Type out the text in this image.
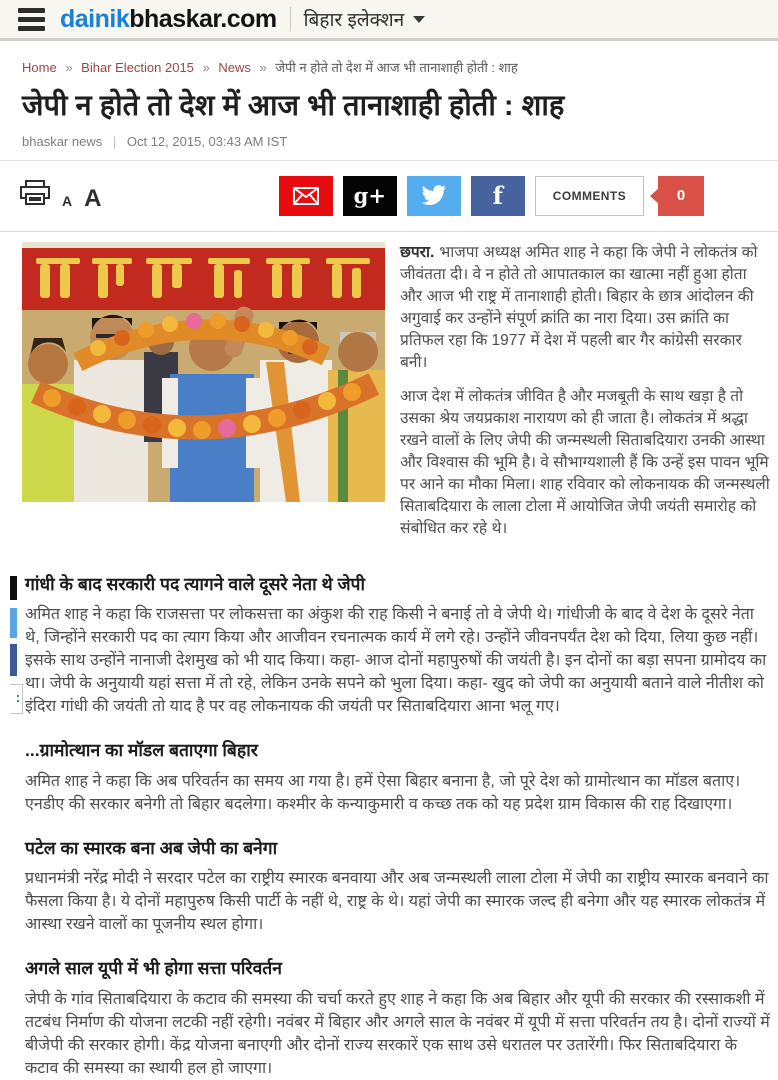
dainikbhaskar.com बिहार इलेक्शन
Home » Bihar Election 2015 » News » जेपी न होते तो देश में आज भी तानाशाही होती : शाह
जेपी न होते तो देश में आज भी तानाशाही होती : शाह
bhaskar news | Oct 12, 2015, 03:43 AM IST
A A	g+	f	COMMENTS	0

छपरा. भाजपा अध्यक्ष अमित शाह ने कहा कि जेपी ने लोकतंत्र को जीवंतता दी। वे न होते तो आपातकाल का खात्मा नहीं हुआ होता और आज भी राष्ट्र में तानाशाही होती। बिहार के छात्र आंदोलन की अगुवाई कर उन्होंने संपूर्ण क्रांति का नारा दिया। उस क्रांति का प्रतिफल रहा कि 1977 में देश में पहली बार गैर कांग्रेसी सरकार बनी।

आज देश में लोकतंत्र जीवित है और मजबूती के साथ खड़ा है तो उसका श्रेय जयप्रकाश नारायण को ही जाता है। लोकतंत्र में श्रद्धा रखने वालों के लिए जेपी की जन्मस्थली सिताबदियारा उनकी आस्था और विश्वास की भूमि है। वे सौभाग्यशाली हैं कि उन्हें इस पावन भूमि पर आने का मौका मिला। शाह रविवार को लोकनायक की जन्मस्थली सिताबदियारा के लाला टोला में आयोजित जेपी जयंती समारोह को संबोधित कर रहे थे।

गांधी के बाद सरकारी पद त्यागने वाले दूसरे नेता थे जेपी

अमित शाह ने कहा कि राजसत्ता पर लोकसत्ता का अंकुश की राह किसी ने बनाई तो वे जेपी थे। गांधीजी के बाद वे देश के दूसरे नेता थे, जिन्होंने सरकारी पद का त्याग किया और आजीवन रचनात्मक कार्य में लगे रहे। उन्होंने जीवनपर्यंत देश को दिया, लिया कुछ नहीं। इसके साथ उन्होंने नानाजी देशमुख को भी याद किया। कहा- आज दोनों महापुरुषों की जयंती है। इन दोनों का बड़ा सपना ग्रामोदय का था। जेपी के अनुयायी यहां सत्ता में तो रहे, लेकिन उनके सपने को भुला दिया। कहा- खुद को जेपी का अनुयायी बताने वाले नीतीश को इंदिरा गांधी की जयंती तो याद है पर वह लोकनायक की जयंती पर सिताबदियारा आना भलू गए।

...ग्रामोत्थान का मॉडल बताएगा बिहार

अमित शाह ने कहा कि अब परिवर्तन का समय आ गया है। हमें ऐसा बिहार बनाना है, जो पूरे देश को ग्रामोत्थान का मॉडल बताए। एनडीए की सरकार बनेगी तो बिहार बदलेगा। कश्मीर के कन्याकुमारी व कच्छ तक को यह प्रदेश ग्राम विकास की राह दिखाएगा।

पटेल का स्मारक बना अब जेपी का बनेगा

प्रधानमंत्री नरेंद्र मोदी ने सरदार पटेल का राष्ट्रीय स्मारक बनवाया और अब जन्मस्थली लाला टोला में जेपी का राष्ट्रीय स्मारक बनवाने का फैसला किया है। ये दोनों महापुरुष किसी पार्टी के नहीं थे, राष्ट्र के थे। यहां जेपी का स्मारक जल्द ही बनेगा और यह स्मारक लोकतंत्र में आस्था रखने वालों का पूजनीय स्थल होगा।

अगले साल यूपी में भी होगा सत्ता परिवर्तन

जेपी के गांव सिताबदियारा के कटाव की समस्या की चर्चा करते हुए शाह ने कहा कि अब बिहार और यूपी की सरकार की रस्साकशी में तटबंध निर्माण की योजना लटकी नहीं रहेगी। नवंबर में बिहार और अगले साल के नवंबर में यूपी में सत्ता परिवर्तन तय है। दोनों राज्यों में बीजेपी की सरकार होगी। केंद्र योजना बनाएगी और दोनों राज्य सरकारें एक साथ उसे धरातल पर उतारेंगी। फिर सिताबदियारा के कटाव की समस्या का स्थायी हल हो जाएगा।
